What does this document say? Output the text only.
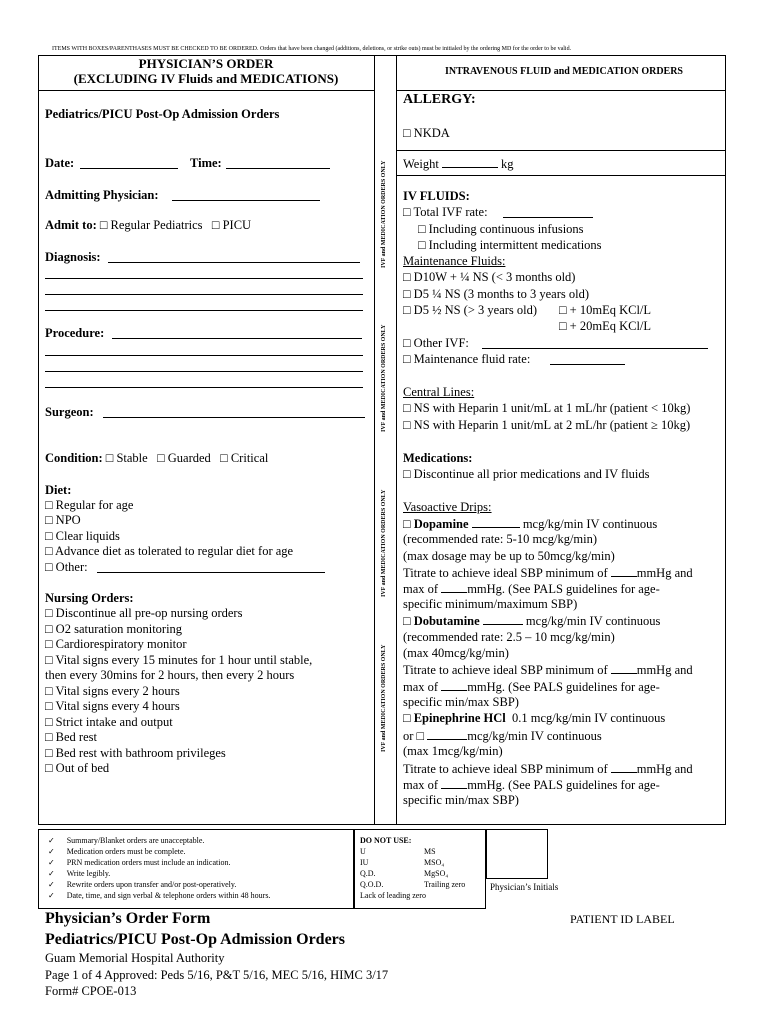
ITEMS WITH BOXES/PARENTHASES MUST BE CHECKED TO BE ORDERED. Orders that have been changed (additions, deletions, or strike outs) must be initialed by the ordering MD for the order to be valid.
PHYSICIAN’S ORDER
(EXCLUDING IV Fluids and MEDICATIONS)	INTRAVENOUS FLUID and MEDICATION ORDERS
IVF and MEDICATION ORDERS ONLY
IVF and MEDICATION ORDERS ONLY
IVF and MEDICATION ORDERS ONLY
IVF and MEDICATION ORDERS ONLY
Pediatrics/PICU Post-Op Admission Orders
Date:	Time:
Admitting Physician:
Admit to: □ Regular Pediatrics □ PICU
Diagnosis:
Procedure:
Surgeon:
Condition: □ Stable □ Guarded □ Critical
Diet:
□ Regular for age
□ NPO
□ Clear liquids
□ Advance diet as tolerated to regular diet for age
□ Other:
Nursing Orders:
□ Discontinue all pre-op nursing orders
□ O2 saturation monitoring
□ Cardiorespiratory monitor
□ Vital signs every 15 minutes for 1 hour until stable,
then every 30mins for 2 hours, then every 2 hours
□ Vital signs every 2 hours
□ Vital signs every 4 hours
□ Strict intake and output
□ Bed rest
□ Bed rest with bathroom privileges
□ Out of bed
ALLERGY:
□ NKDA
Weight	kg
IV FLUIDS:
□ Total IVF rate:
□ Including continuous infusions
□ Including intermittent medications
Maintenance Fluids:
□ D10W + ¼ NS (< 3 months old)
□ D5 ¼ NS (3 months to 3 years old)
□ D5 ½ NS (> 3 years old) □ + 10mEq KCl/L
□ + 20mEq KCl/L
□ Other IVF:
□ Maintenance fluid rate:
Central Lines:
□ NS with Heparin 1 unit/mL at 1 mL/hr (patient < 10kg)
□ NS with Heparin 1 unit/mL at 2 mL/hr (patient ≥ 10kg)
Medications:
□ Discontinue all prior medications and IV fluids
Vasoactive Drips:
□ Dopamine	mcg/kg/min IV continuous
(recommended rate: 5-10 mcg/kg/min)
(max dosage may be up to 50mcg/kg/min)
Titrate to achieve ideal SBP minimum of mmHg and
max of mmHg. (See PALS guidelines for age-
specific minimum/maximum SBP)
□ Dobutamine	mcg/kg/min IV continuous
(recommended rate: 2.5 – 10 mcg/kg/min)
(max 40mcg/kg/min)
Titrate to achieve ideal SBP minimum of mmHg and
max of mmHg. (See PALS guidelines for age-
specific min/max SBP)
□ Epinephrine HCl 0.1 mcg/kg/min IV continuous
or □	mcg/kg/min IV continuous
(max 1mcg/kg/min)
Titrate to achieve ideal SBP minimum of mmHg and
max of mmHg. (See PALS guidelines for age-
specific min/max SBP)
✓ Summary/Blanket orders are unacceptable.
✓ Medication orders must be complete.
✓ PRN medication orders must include an indication.
✓ Write legibly.
✓ Rewrite orders upon transfer and/or post-operatively.
✓ Date, time, and sign verbal & telephone orders within 48 hours.
DO NOT USE:
U	MS
IU	MSO₄
Q.D.	MgSO₄
Q.O.D.	Trailing zero
Lack of leading zero
Physician’s Initials
Physician’s Order Form
Pediatrics/PICU Post-Op Admission Orders
PATIENT ID LABEL
Guam Memorial Hospital Authority
Page 1 of 4 Approved: Peds 5/16, P&T 5/16, MEC 5/16, HIMC 3/17
Form# CPOE-013
